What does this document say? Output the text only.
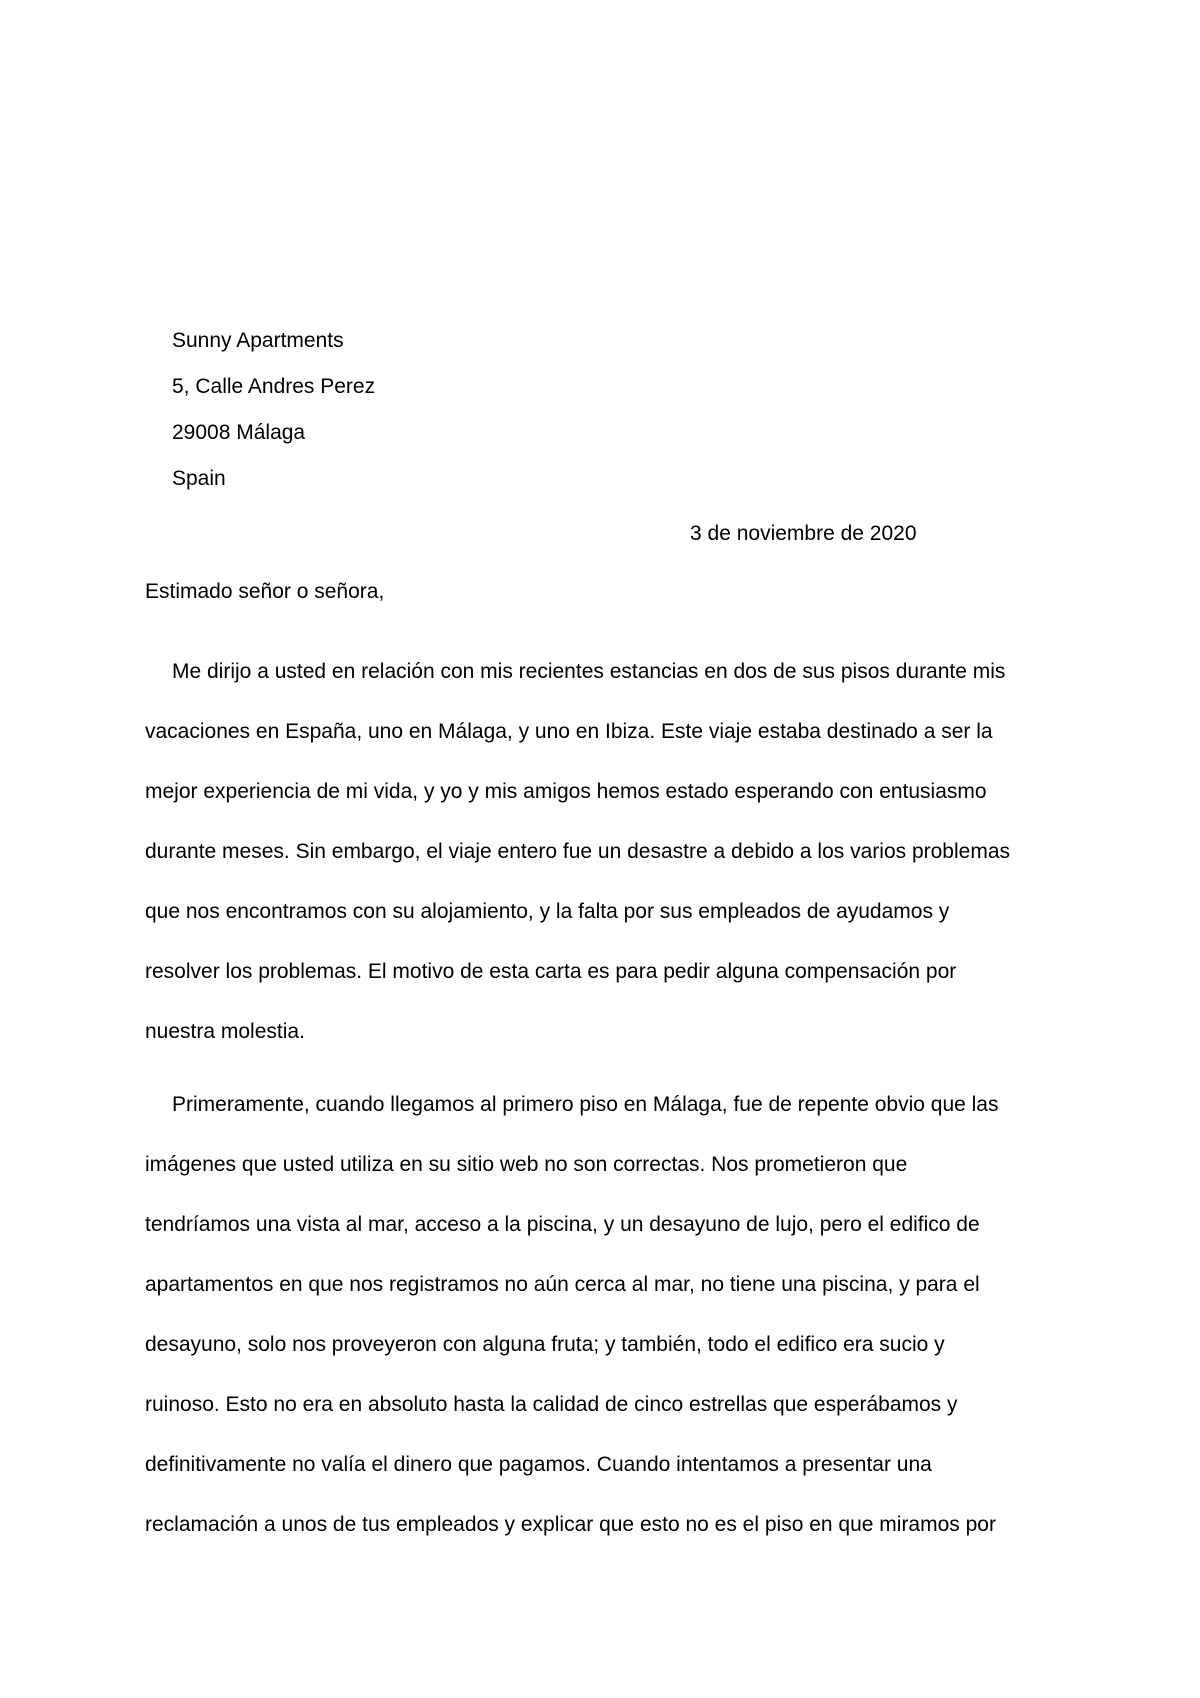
Sunny Apartments
5, Calle Andres Perez
29008 Málaga
Spain
3 de noviembre de 2020
Estimado señor o señora,
Me dirijo a usted en relación con mis recientes estancias en dos de sus pisos durante mis
vacaciones en España, uno en Málaga, y uno en Ibiza. Este viaje estaba destinado a ser la
mejor experiencia de mi vida, y yo y mis amigos hemos estado esperando con entusiasmo
durante meses. Sin embargo, el viaje entero fue un desastre a debido a los varios problemas
que nos encontramos con su alojamiento, y la falta por sus empleados de ayudamos y
resolver los problemas. El motivo de esta carta es para pedir alguna compensación por
nuestra molestia.
Primeramente, cuando llegamos al primero piso en Málaga, fue de repente obvio que las
imágenes que usted utiliza en su sitio web no son correctas. Nos prometieron que
tendríamos una vista al mar, acceso a la piscina, y un desayuno de lujo, pero el edifico de
apartamentos en que nos registramos no aún cerca al mar, no tiene una piscina, y para el
desayuno, solo nos proveyeron con alguna fruta; y también, todo el edifico era sucio y
ruinoso. Esto no era en absoluto hasta la calidad de cinco estrellas que esperábamos y
definitivamente no valía el dinero que pagamos. Cuando intentamos a presentar una
reclamación a unos de tus empleados y explicar que esto no es el piso en que miramos por
